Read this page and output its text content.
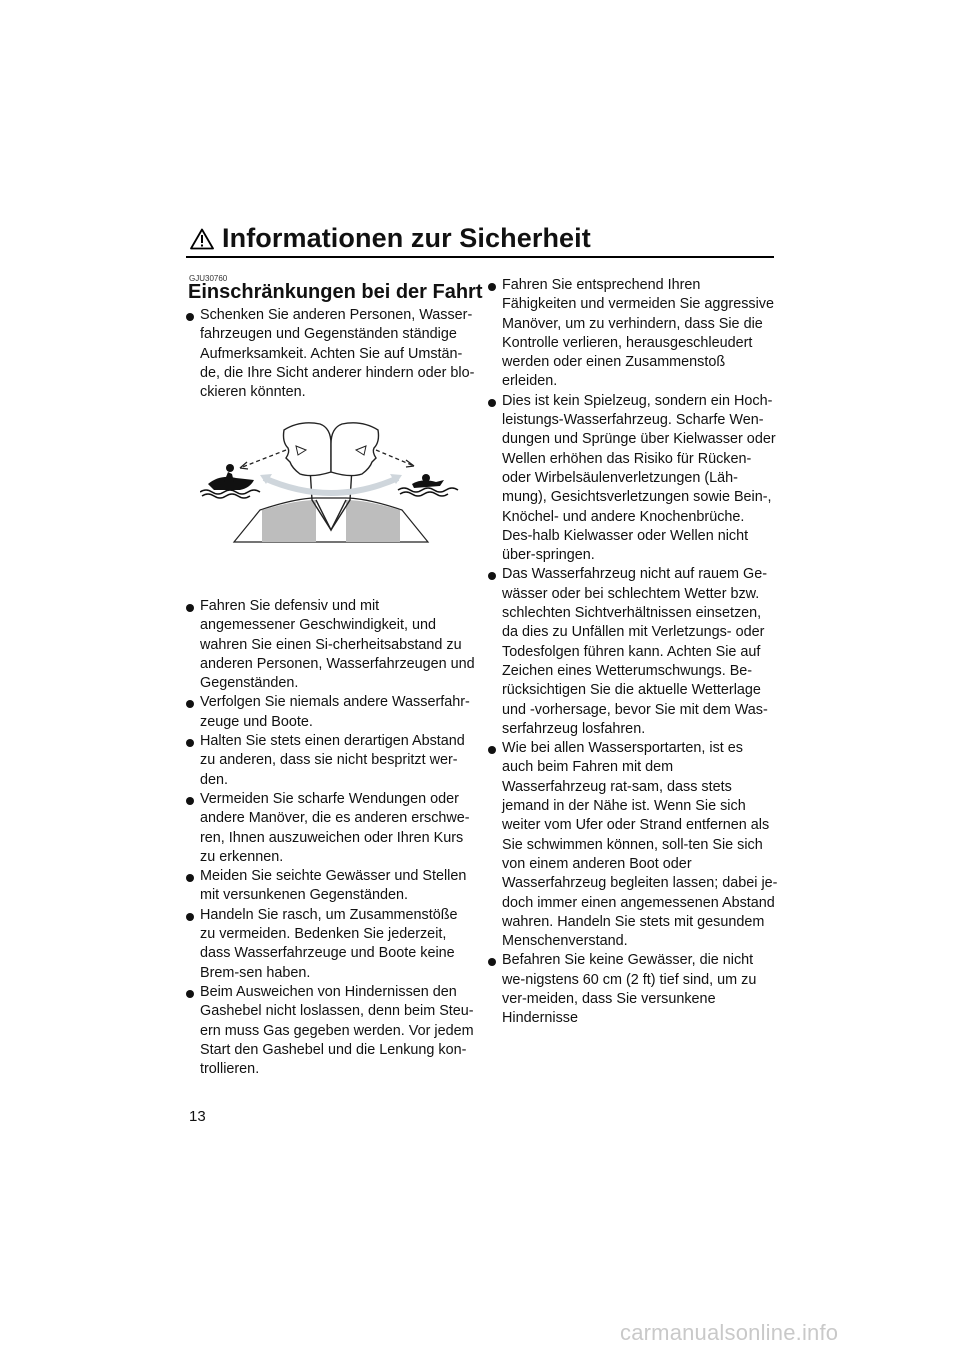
Informationen zur Sicherheit
GJU30760
Einschränkungen bei der Fahrt
Schenken Sie anderen Personen, Wasser-fahrzeugen und Gegenständen ständige Aufmerksamkeit. Achten Sie auf Umstän-de, die Ihre Sicht anderer hindern oder blo-ckieren könnten.
Fahren Sie defensiv und mit angemessener Geschwindigkeit, und wahren Sie einen Si-cherheitsabstand zu anderen Personen, Wasserfahrzeugen und Gegenständen.
Verfolgen Sie niemals andere Wasserfahr-zeuge und Boote.
Halten Sie stets einen derartigen Abstand zu anderen, dass sie nicht bespritzt wer-den.
Vermeiden Sie scharfe Wendungen oder andere Manöver, die es anderen erschwe-ren, Ihnen auszuweichen oder Ihren Kurs zu erkennen.
Meiden Sie seichte Gewässer und Stellen mit versunkenen Gegenständen.
Handeln Sie rasch, um Zusammenstöße zu vermeiden. Bedenken Sie jederzeit, dass Wasserfahrzeuge und Boote keine Brem-sen haben.
Beim Ausweichen von Hindernissen den Gashebel nicht loslassen, denn beim Steu-ern muss Gas gegeben werden. Vor jedem Start den Gashebel und die Lenkung kon-trollieren.
Fahren Sie entsprechend Ihren Fähigkeiten und vermeiden Sie aggressive Manöver, um zu verhindern, dass Sie die Kontrolle verlieren, herausgeschleudert werden oder einen Zusammenstoß erleiden.
Dies ist kein Spielzeug, sondern ein Hoch-leistungs-Wasserfahrzeug. Scharfe Wen-dungen und Sprünge über Kielwasser oder Wellen erhöhen das Risiko für Rücken-oder Wirbelsäulenverletzungen (Läh-mung), Gesichtsverletzungen sowie Bein-, Knöchel- und andere Knochenbrüche. Des-halb Kielwasser oder Wellen nicht über-springen.
Das Wasserfahrzeug nicht auf rauem Ge-wässer oder bei schlechtem Wetter bzw. schlechten Sichtverhältnissen einsetzen, da dies zu Unfällen mit Verletzungs- oder Todesfolgen führen kann. Achten Sie auf Zeichen eines Wetterumschwungs. Be-rücksichtigen Sie die aktuelle Wetterlage und -vorhersage, bevor Sie mit dem Was-serfahrzeug losfahren.
Wie bei allen Wassersportarten, ist es auch beim Fahren mit dem Wasserfahrzeug rat-sam, dass stets jemand in der Nähe ist. Wenn Sie sich weiter vom Ufer oder Strand entfernen als Sie schwimmen können, soll-ten Sie sich von einem anderen Boot oder Wasserfahrzeug begleiten lassen; dabei je-doch immer einen angemessenen Abstand wahren. Handeln Sie stets mit gesundem Menschenverstand.
Befahren Sie keine Gewässer, die nicht we-nigstens 60 cm (2 ft) tief sind, um zu ver-meiden, dass Sie versunkene Hindernisse
13
carmanualsonline.info
